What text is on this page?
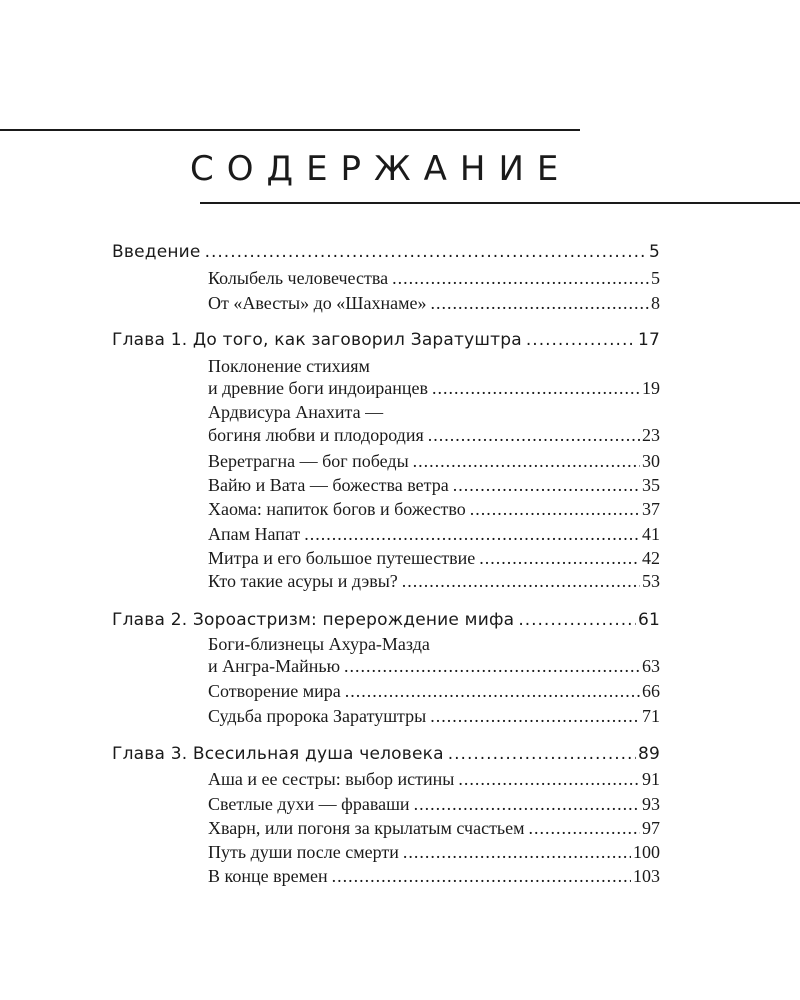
СОДЕРЖАНИЕ
Введение .....	5
Колыбель человечества .....	5
От «Авесты» до «Шахнаме» .....	8
Глава 1. До того, как заговорил Заратуштра .....	17
Поклонение стихиям
и древние боги индоиранцев .....	19
Ардвисура Анахита —
богиня любви и плодородия .....	23
Веретрагна — бог победы .....	30
Вайю и Вата — божества ветра .....	35
Хаома: напиток богов и божество .....	37
Апам Напат .....	41
Митра и его большое путешествие .....	42
Кто такие асуры и дэвы? .....	53
Глава 2. Зороастризм: перерождение мифа .....	61
Боги-близнецы Ахура-Мазда
и Ангра-Майнью .....	63
Сотворение мира .....	66
Судьба пророка Заратуштры .....	71
Глава 3. Всесильная душа человека .....	89
Аша и ее сестры: выбор истины .....	91
Светлые духи — фраваши .....	93
Хварн, или погоня за крылатым счастьем .....	97
Путь души после смерти .....	100
В конце времен .....	103
